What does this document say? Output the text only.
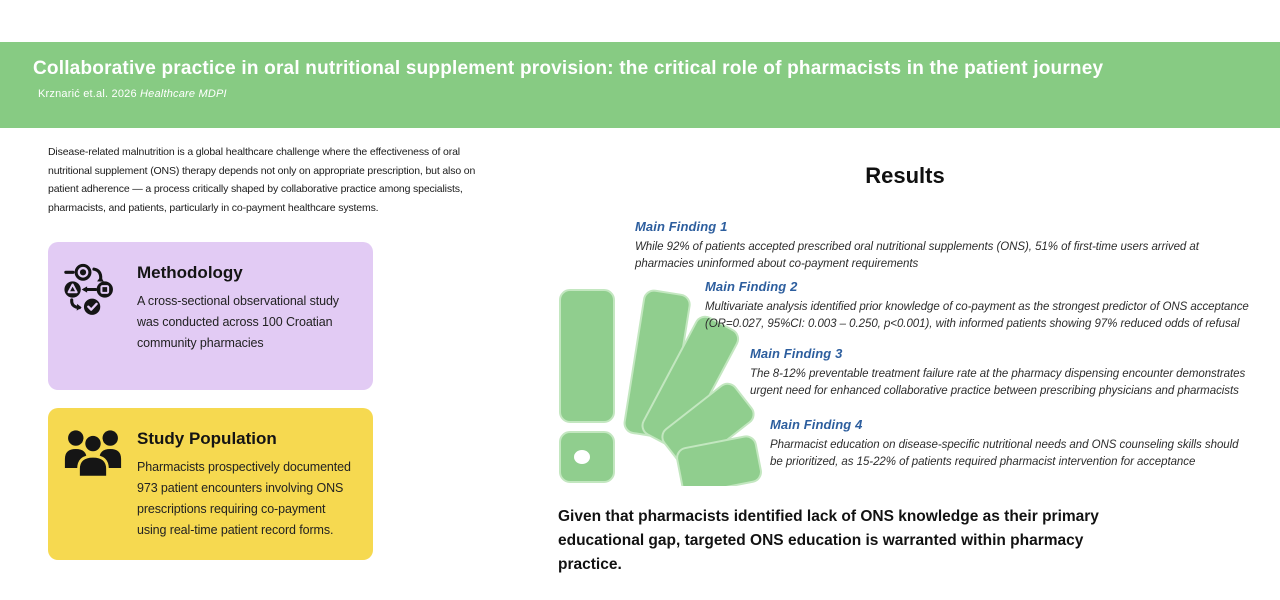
Collaborative practice in oral nutritional supplement provision: the critical role of pharmacists in the patient journey

Krznarić et.al. 2026 Healthcare MDPI

Disease-related malnutrition is a global healthcare challenge where the effectiveness of oral nutritional supplement (ONS) therapy depends not only on appropriate prescription, but also on patient adherence — a process critically shaped by collaborative practice among specialists, pharmacists, and patients, particularly in co-payment healthcare systems.

Methodology

A cross-sectional observational study was conducted across 100 Croatian community pharmacies

Study Population

Pharmacists prospectively documented 973 patient encounters involving ONS prescriptions requiring co-payment using real-time patient record forms.

Results
Main Finding 1

While 92% of patients accepted prescribed oral nutritional supplements (ONS), 51% of first-time users arrived at pharmacies uninformed about co-payment requirements

Main Finding 2

Multivariate analysis identified prior knowledge of co-payment as the strongest predictor of ONS acceptance (OR=0.027, 95%CI: 0.003 – 0.250, p<0.001), with informed patients showing 97% reduced odds of refusal

Main Finding 3

The 8-12% preventable treatment failure rate at the pharmacy dispensing encounter demonstrates urgent need for enhanced collaborative practice between prescribing physicians and pharmacists

Main Finding 4

Pharmacist education on disease-specific nutritional needs and ONS counseling skills should be prioritized, as 15-22% of patients required pharmacist intervention for acceptance

Given that pharmacists identified lack of ONS knowledge as their primary educational gap, targeted ONS education is warranted within pharmacy practice.
